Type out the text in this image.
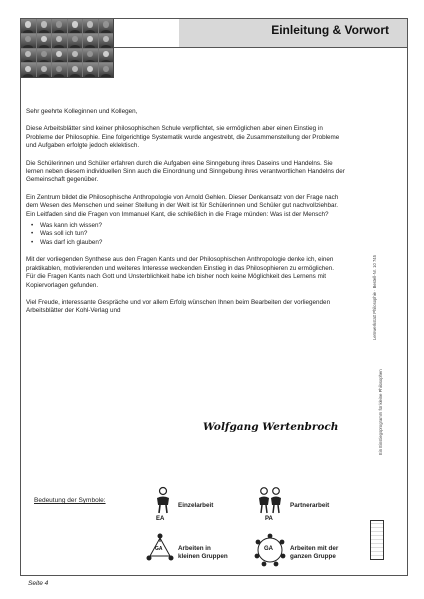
Einleitung & Vorwort

Sehr geehrte Kolleginnen und Kollegen,

Diese Arbeitsblätter sind keiner philosophischen Schule verpflichtet, sie ermöglichen aber einen Einstieg in Probleme der Philosophie. Eine folgerichtige Systematik wurde angestrebt, die Zusammenstellung der Probleme und Aufgaben erfolgte jedoch eklektisch.

Die Schülerinnen und Schüler erfahren durch die Aufgaben eine Sinngebung ihres Daseins und Handelns. Sie lernen neben diesem individuellen Sinn auch die Einordnung und Sinngebung ihres verantwortlichen Handelns der Gemeinschaft gegenüber.

Ein Zentrum bildet die Philosophische Anthropologie von Arnold Gehlen. Dieser Denkansatz von der Frage nach dem Wesen des Menschen und seiner Stellung in der Welt ist für Schülerinnen und Schüler gut nachvollziehbar.

Ein Leitfaden sind die Fragen von Immanuel Kant, die schließlich in die Frage münden: Was ist der Mensch?

• Was kann ich wissen?
• Was soll ich tun?
• Was darf ich glauben?

Mit der vorliegenden Synthese aus den Fragen Kants und der Philosophischen Anthropologie denke ich, einen praktikablen, motivierenden und weiteres Interesse weckenden Einstieg in das Philosophieren zu ermöglichen.

Für die Fragen Kants nach Gott und Unsterblichkeit habe ich bisher noch keine Möglichkeit des Lernens mit Kopiervorlagen gefunden.

Viel Freude, interessante Gespräche und vor allem Erfolg wünschen Ihnen beim Bearbeiten der vorliegenden Arbeitsblätter der Kohl-Verlag und

Wolfgang Wertenbroch
Lernwerkstatt Philosophie · Bestell-Nr. 10 745
Ein Einstiegsprogramm für kleine Philosophen
Bedeutung der Symbole:
EA
Einzelarbeit
PA
Partnerarbeit
GA Arbeiten in
kleinen Gruppen
GA	Arbeiten mit der
ganzen Gruppe
Seite 4
